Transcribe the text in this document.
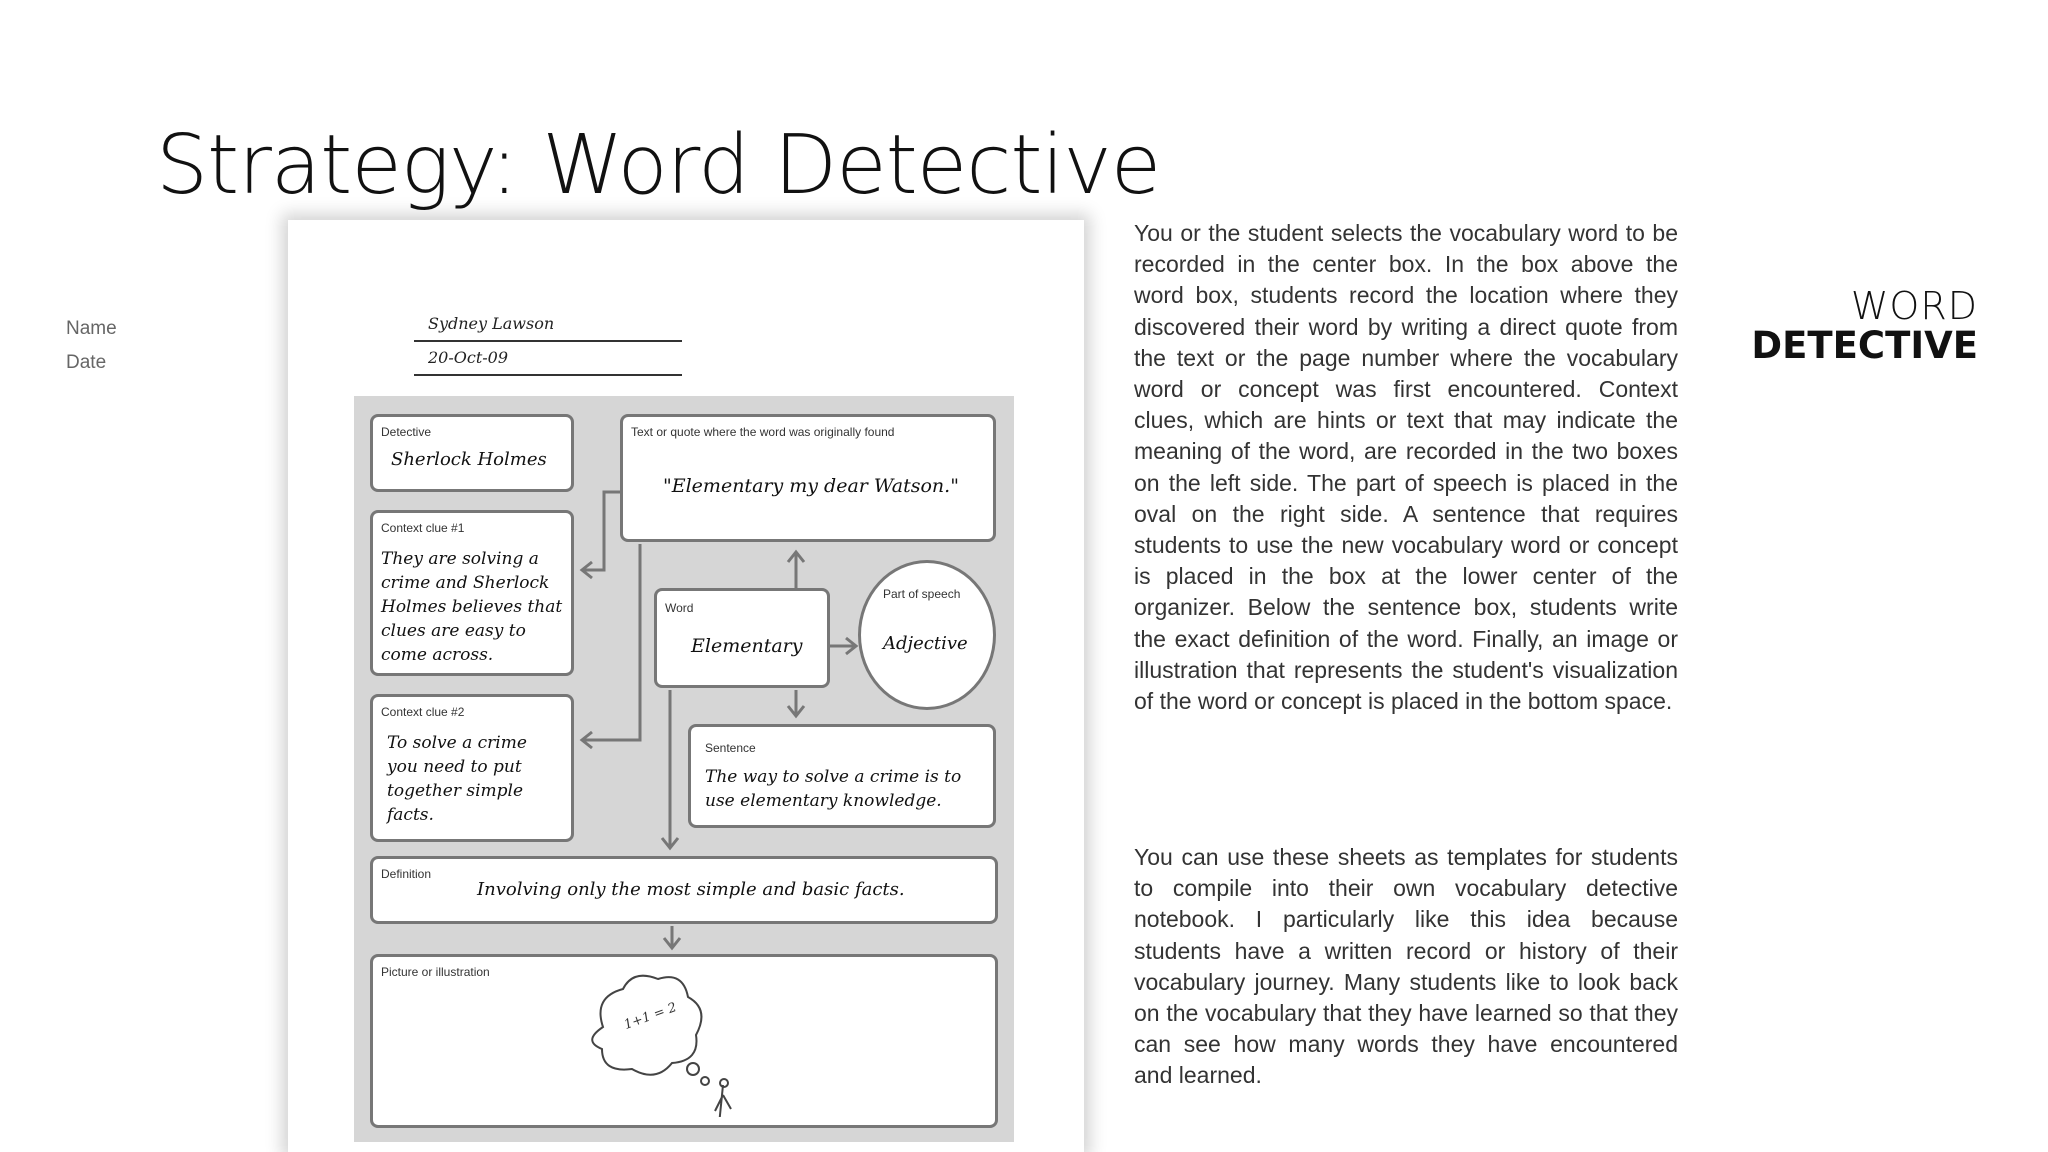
Strategy: Word Detective
Name	Sydney Lawson
Date	20-Oct-09
WORD
DETECTIVE
Detective
Sherlock Holmes
Text or quote where the word was originally found
"Elementary my dear Watson."
Context clue #1
They are solving a crime and Sherlock Holmes believes that clues are easy to come across.
Context clue #2
To solve a crime you need to put together simple facts.
Word
Elementary
Part of speech
Adjective
Sentence
The way to solve a crime is to use elementary knowledge.
Definition
Involving only the most simple and basic facts.
Picture or illustration
1+1 = 2
You or the student selects the vocabulary word to be recorded in the center box. In the box above the word box, students record the location where they discovered their word by writing a direct quote from the text or the page number where the vocabulary word or concept was first encountered. Context clues, which are hints or text that may indicate the meaning of the word, are recorded in the two boxes on the left side. The part of speech is placed in the oval on the right side. A sentence that requires students to use the new vocabulary word or concept is placed in the box at the lower center of the organizer. Below the sentence box, students write the exact definition of the word. Finally, an image or illustration that represents the student's visualization of the word or concept is placed in the bottom space.
You can use these sheets as templates for students to compile into their own vocabulary detective notebook. I particularly like this idea because students have a written record or history of their vocabulary journey. Many students like to look back on the vocabulary that they have learned so that they can see how many words they have encountered and learned.
